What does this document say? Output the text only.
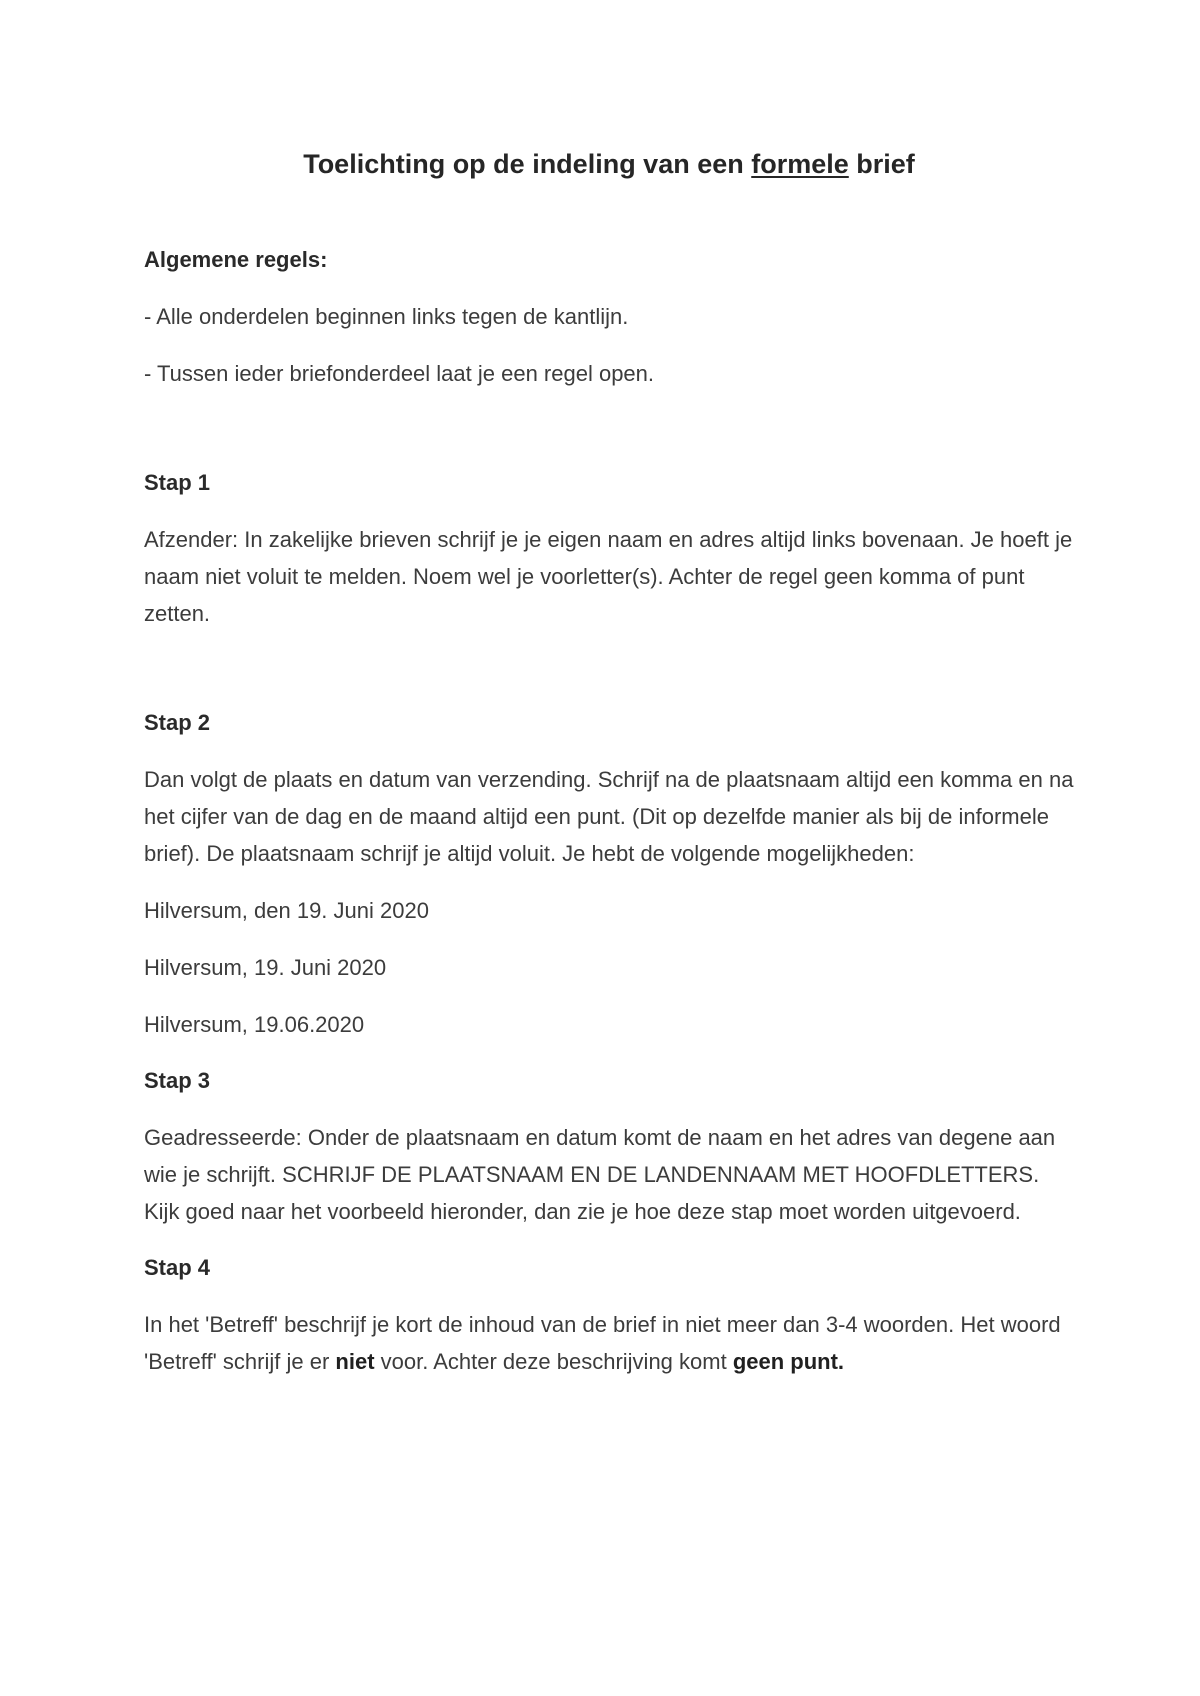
Toelichting op de indeling van een formele brief

Algemene regels:

- Alle onderdelen beginnen links tegen de kantlijn.

- Tussen ieder briefonderdeel laat je een regel open.

Stap 1

Afzender: In zakelijke brieven schrijf je je eigen naam en adres altijd links bovenaan. Je hoeft je naam niet voluit te melden. Noem wel je voorletter(s). Achter de regel geen komma of punt zetten.

Stap 2

Dan volgt de plaats en datum van verzending. Schrijf na de plaatsnaam altijd een komma en na het cijfer van de dag en de maand altijd een punt. (Dit op dezelfde manier als bij de informele brief). De plaatsnaam schrijf je altijd voluit. Je hebt de volgende mogelijkheden:

Hilversum, den 19. Juni 2020

Hilversum, 19. Juni 2020

Hilversum, 19.06.2020

Stap 3

Geadresseerde: Onder de plaatsnaam en datum komt de naam en het adres van degene aan wie je schrijft. SCHRIJF DE PLAATSNAAM EN DE LANDENNAAM MET HOOFDLETTERS. Kijk goed naar het voorbeeld hieronder, dan zie je hoe deze stap moet worden uitgevoerd.

Stap 4

In het 'Betreff' beschrijf je kort de inhoud van de brief in niet meer dan 3-4 woorden. Het woord 'Betreff' schrijf je er niet voor. Achter deze beschrijving komt geen punt.
